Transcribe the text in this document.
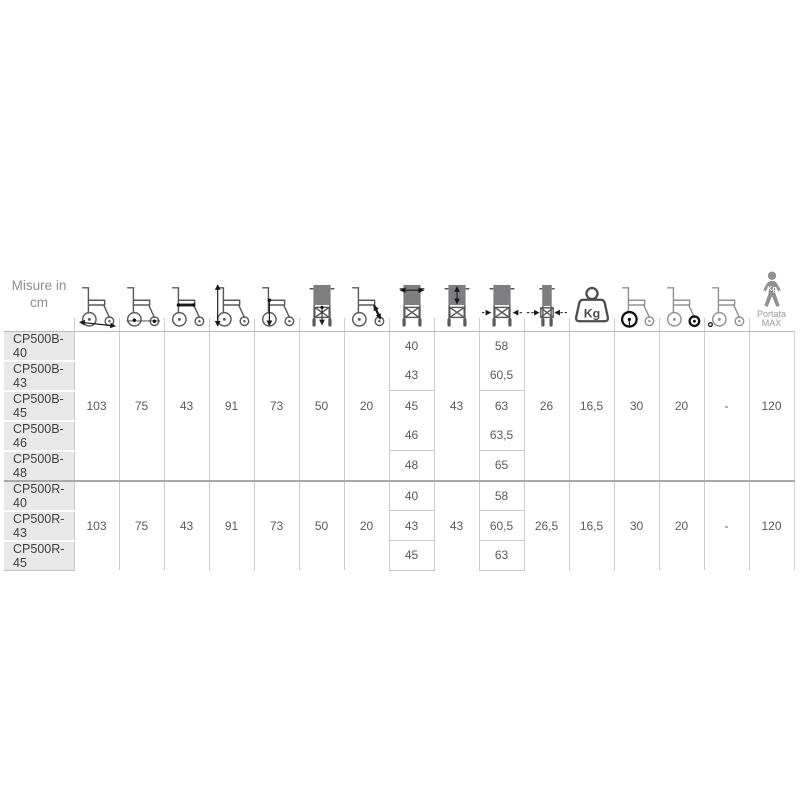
Misure in cm												Kg				Kg
Portata
MAX

CP500B-40	103	75	43	91	73	50	20	40	43	58	26	16,5	30	20	-	120
CP500B-43								43		60,5						
CP500B-45								45		63						
CP500B-46								46		63,5						
CP500B-48								48		65						
CP500R-40	103	75	43	91	73	50	20	40	43	58	26,5	16,5	30	20	-	120
CP500R-43								43		60,5						
CP500R-45								45		63						
